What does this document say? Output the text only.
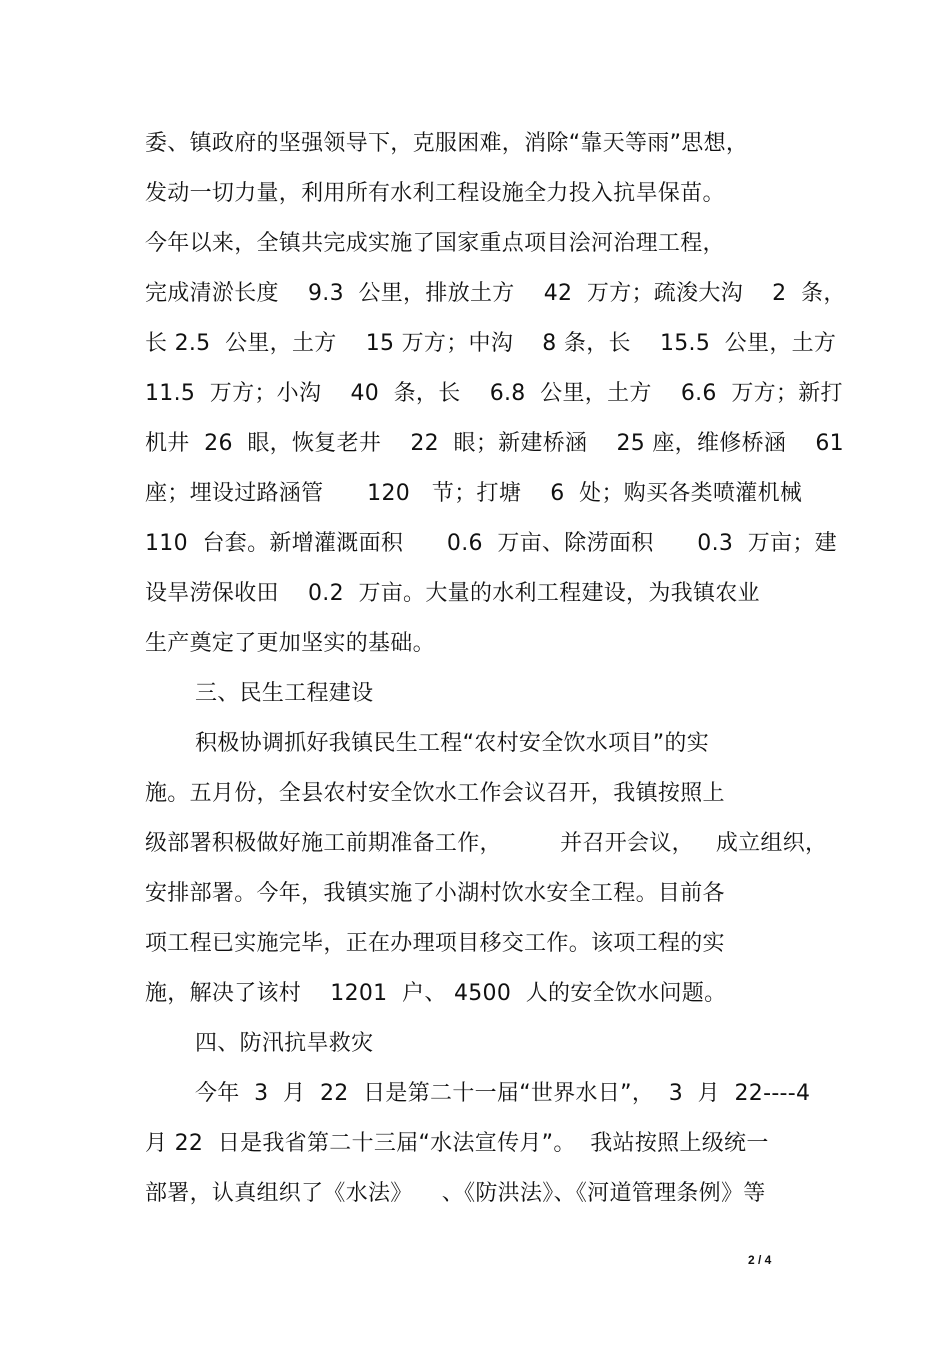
委、镇政府的坚强领导下，克服困难，消除“靠天等雨”思想，
发动一切力量，利用所有水利工程设施全力投入抗旱保苗。
今年以来，全镇共完成实施了国家重点项目浍河治理工程，
完成清淤长度    9.3  公里，排放土方    42  万方；疏浚大沟    2  条，
长 2.5  公里，土方    15 万方；中沟    8 条，长    15.5  公里，土方
11.5  万方；小沟    40  条，长    6.8  公里，土方    6.6  万方；新打
机井  26  眼，恢复老井    22  眼；新建桥涵    25 座，维修桥涵    61
座；埋设过路涵管      120   节；打塘    6  处；购买各类喷灌机械
110  台套。新增灌溉面积      0.6  万亩、除涝面积      0.3  万亩；建
设旱涝保收田    0.2  万亩。大量的水利工程建设，为我镇农业
生产奠定了更加坚实的基础。
三、民生工程建设
积极协调抓好我镇民生工程“农村安全饮水项目”的实
施。五月份，全县农村安全饮水工作会议召开，我镇按照上
级部署积极做好施工前期准备工作，        并召开会议，   成立组织，
安排部署。今年，我镇实施了小湖村饮水安全工程。目前各
项工程已实施完毕，正在办理项目移交工作。该项工程的实
施，解决了该村    1201  户、 4500  人的安全饮水问题。
四、防汛抗旱救灾
今年  3  月  22  日是第二十一届“世界水日”，  3  月  22----4
月 22  日是我省第二十三届“水法宣传月”。  我站按照上级统一
部署，认真组织了《水法》    、《防洪法》、《河道管理条例》等
2 / 4
